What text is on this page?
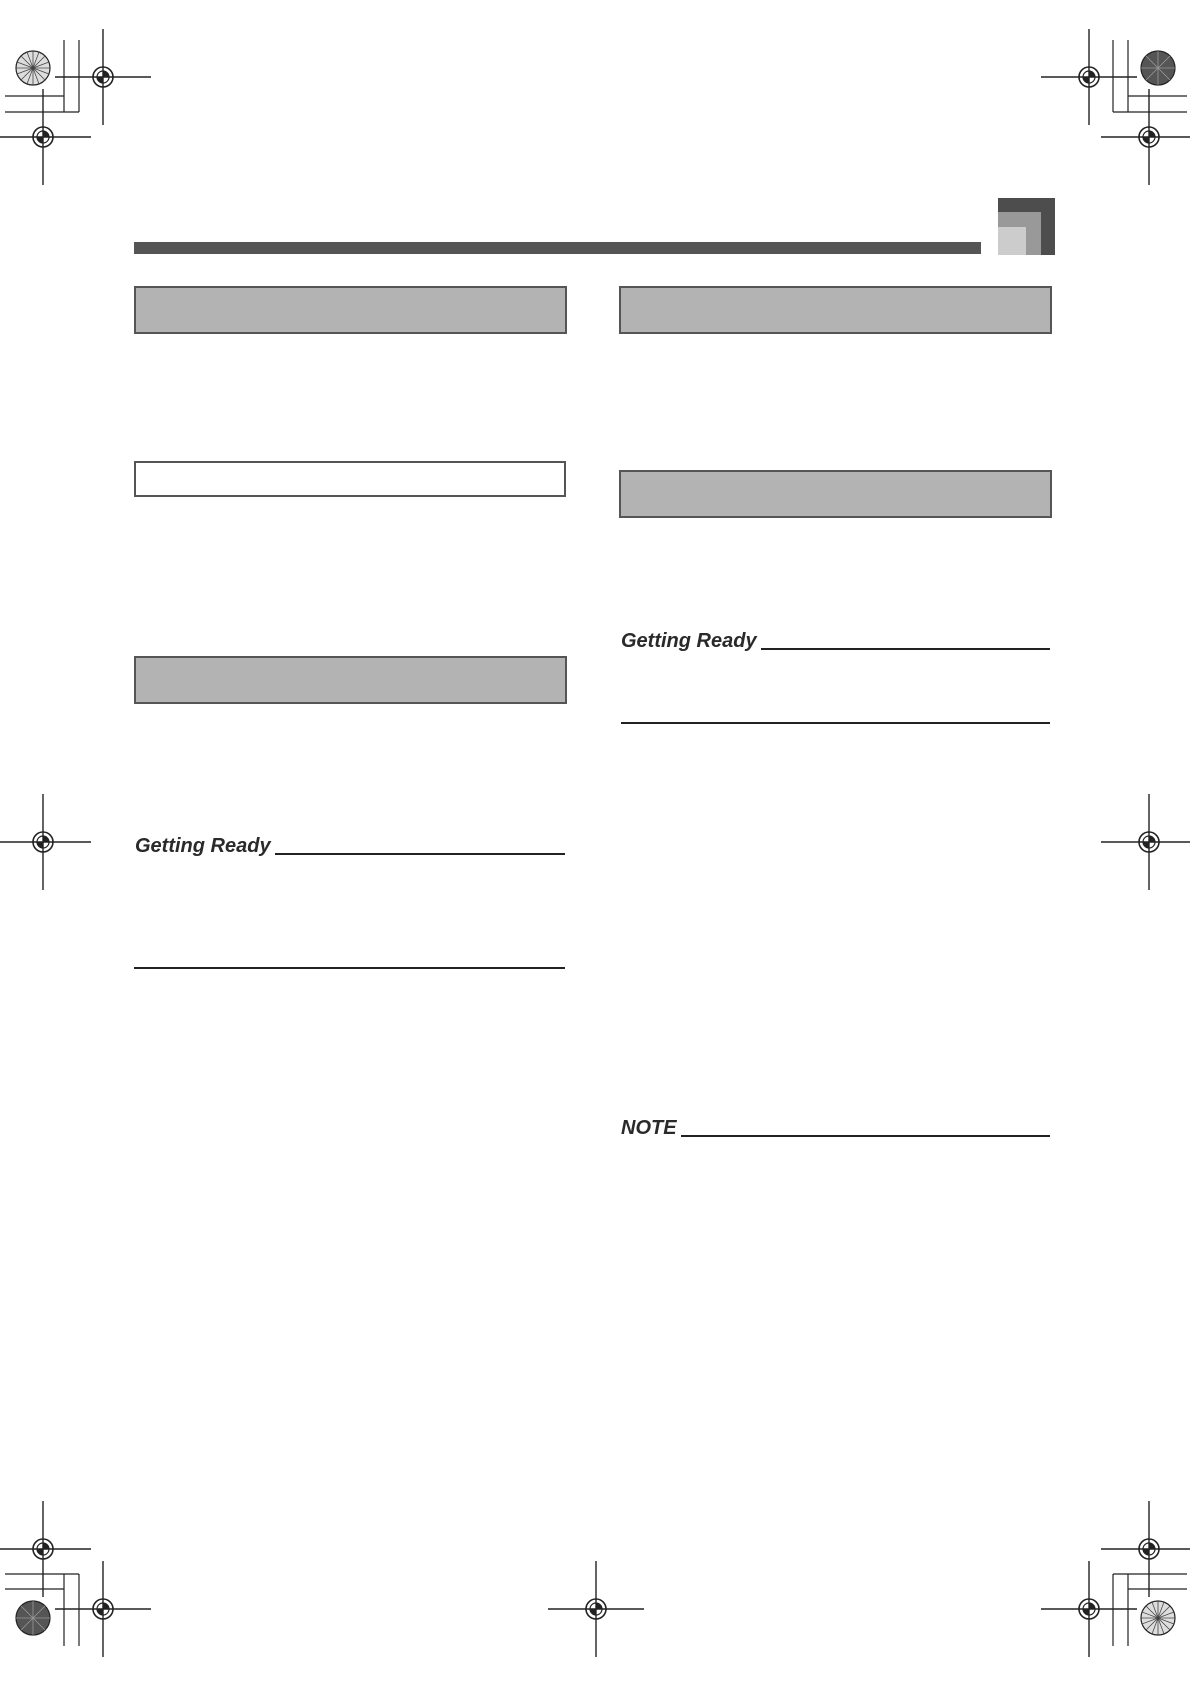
Getting Ready
Getting Ready
NOTE
